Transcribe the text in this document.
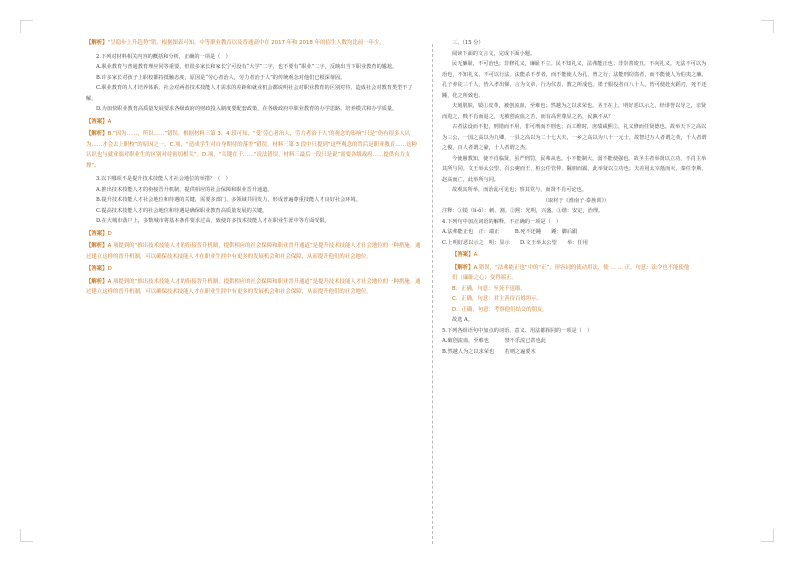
【解析】“呈稳步上升趋势”错，根据图表可知，中等职业教育以及普通高中在 2017 年和 2018 年的招生人数均比前一年少。

2.下列对材料相关内容的概括和分析，正确的一项是（　）

A.职业教育与普通教育理应同等重要，但很多家长和家长宁可没有“大学”二字，也不要有“职业”二字，反映出当下职业教育的尴尬。

B.许多家长对孩子上职校都持抵触态度，原因是“劳心者治人，劳力者治于人”的传统观念对他们已根深蒂固。

C.职业教育的人才培养体系、社会对两者技术技能人才需求的差距和就业机会都说明社会对职业教育的区别对待，造成社会对教育类型不了解。

D.为加快职业教育高质量发展要求各级政府的财政投入制度要配套政策，在各级政府中职业教育的办学思路、培养模式和办学质量。

【答案】A

【解析】B.“因为……，所以……”错误。根据材料三第 3、4 段可知，“受‘劳心者治人，劳力者治于人’的观念的影响”只是“仍有很多人认为……才会去上职校”的原因之一。C.项，“造成学生对自身期待的落差”错误。材料三第 3 段中只提到“这些观念的背后是职业教育……这种认识也与就业端对职业生的区别对待密切相关”。D.项，“关键在于……”说法错误，材料三最后一段只是说“需要各级政府……提供有力支撑”。

3.以下哪项不是提升技术技能人才社会地位的举措？（　）

A.推出技术技能人才的衔接晋升机制，提供相应的社会保障和职业晋升通道。

B.提升技术技能人才社会地位和待遇的关键，需要多部门、多领域共同发力，形成普遍尊重技能人才良好社会环境。

C.提高技术技能人才的社会地位和待遇是确保职业教育高质量发展的关键。

D.在大城市落户上，多数城市将基本条件要求过高，致使许多技术技能人才在职业生涯中等方面受限。

【答案】D

【解析】A 项提到的“推出技术技能人才的衔接晋升机制，提供相应的社会保障和职业晋升通道”是提升技术技能人才社会地位的一种措施。通过建立这样的晋升机制，可以确保技术技能人才在职业生涯中有更多的发展机会和社会保障，从而提升他们的社会地位。

【答案】D

【解析】A 项提到的“推出技术技能人才的衔接晋升机制，提供相应的社会保障和职业晋升通道”是提升技术技能人才社会地位的一种措施。通过建立这样的晋升机制，可以确保技术技能人才在职业生涯中有更多的发展机会和社会保障，从而提升他们的社会地位。

三、（15 分）

阅读下面的文言文，完成下面小题。

民无廉耻，不可治也；非修礼义，廉耻不立。民不知礼义，法弗能正也；非崇善废丑，不向礼义。无法不可以为治也，不知礼义，不可以行法。法能杀不孝者，而不能使人为孔、曾之行；法能刑窃盗者，而不能使人为伯夷之廉。孔子养徒三千人，皆入孝出悌，言为文章，行为仪表，教之所成也。墨子服役者百八十人，皆可使赴火蹈刃，死不还踵，化之所致也。

夫刻肌肤，镜①皮革，被创流血，至难也；然越为之以求荣也。圣王在上，明好恶以示之，经诽誉以导之，亲贤而进之，贱不肖而退之，无被创流血之苦，而有高世尊显之名，民孰不从？

古者法设而不犯，刑错而不用，非可刑而不刑也；百工维时，庶绩咸熙②，礼义修而任贤德也。故举天下之高以为三公，一国之高以为九卿，一县之高以为二十七大夫，一乡之高以为八十一元士。故智过万人者谓之英，千人者谓之俊，百人者谓之豪，十人者谓之杰。

今使愚教知，使不肖临贤，虽严刑罚，民弗从也。小不能制大，弱不能使强也。故圣主者举贤以立功，不肖主举其所与同。文王举太公望、召公奭而王，桓公任管仲、隰朋而霸，此举贤以立功也；夫差用太宰嚭而灭，秦任李斯、赵高而亡，此举所与同。

故观其所举，而治乱可见也；察其党与，而贤不肖可论也。

（取材于《淮南子·泰族训》）

注释：①镜（lí-ǒ）：刺、割。②熙：光明，兴盛。③谐：安定，治理。

4.下列句中加点词语的解释，不正确的一项是（　）

A.法弗能正也　正：端正　　　B.死不还踵　　踵：脚后跟

C.上明好恶以示之　明：显示　　D.文王举太公望　　举：任用

【答案】A

【解析】A.错误，“法弗能正也”中的“正”，形容词的使动用法，使 … … 正。句意：法令也不能使他

们（廉耻之心）变得端正。

B．正确，句意：至死不退缩。

C．正确，句意：君主善待百姓坦示。

D．正确，句意：考察他们结交的朋友。

故选 A。

5.下列各组语句中加点的词语，意义、用法都相同的一项是（　）

A.破创流血，至难也　　　禁不乐流已甚也此

B.然越人为之以求荣也　　若则之遍要木
